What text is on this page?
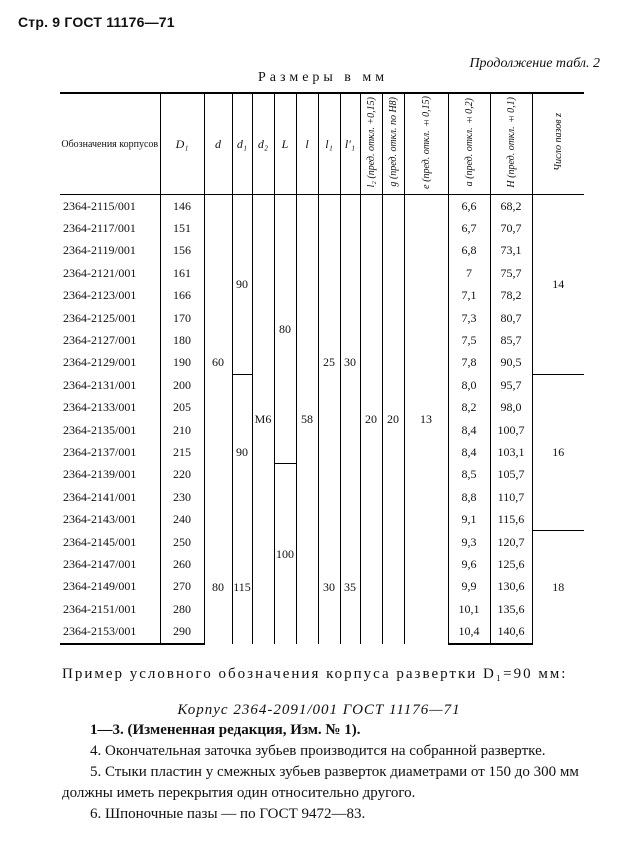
Стр. 9 ГОСТ 11176—71
Продолжение табл. 2
Размеры в мм
Обозначения корпусов	D₁	d	d₁	d₂	L	l	l₁	l′₁	l₂ (пред. откл. +0,15)	g (пред. откл. по H8)	e (пред. откл. ±0,15)	a (пред. откл. ±0,2)	H (пред. откл. ±0,1)	Число пазов z
2364-2115/001	146	60	90	M6	80	58	25	30	20	20	13	6,6	68,2	14
2364-2117/001	151											6,7	70,7	
2364-2119/001	156											6,8	73,1	
2364-2121/001	161											7	75,7	
2364-2123/001	166											7,1	78,2	
2364-2125/001	170											7,3	80,7	
2364-2127/001	180											7,5	85,7	
2364-2129/001	190											7,8	90,5	
2364-2131/001	200		90									8,0	95,7	16
2364-2133/001	205											8,2	98,0	
2364-2135/001	210											8,4	100,7	
2364-2137/001	215											8,4	103,1	
2364-2139/001	220				100							8,5	105,7	
2364-2141/001	230											8,8	110,7	
2364-2143/001	240											9,1	115,6	
2364-2145/001	250	80	115				30	35				9,3	120,7	18
2364-2147/001	260											9,6	125,6	
2364-2149/001	270											9,9	130,6	
2364-2151/001	280											10,1	135,6	
2364-2153/001	290											10,4	140,6	
Пример условного обозначения корпуса развертки D₁=90 мм:
Корпус 2364-2091/001 ГОСТ 11176—71

1—3. (Измененная редакция, Изм. № 1).

4. Окончательная заточка зубьев производится на собранной развертке.

5. Стыки пластин у смежных зубьев разверток диаметрами от 150 до 300 мм должны иметь перекрытия один относительно другого.

6. Шпоночные пазы — по ГОСТ 9472—83.
